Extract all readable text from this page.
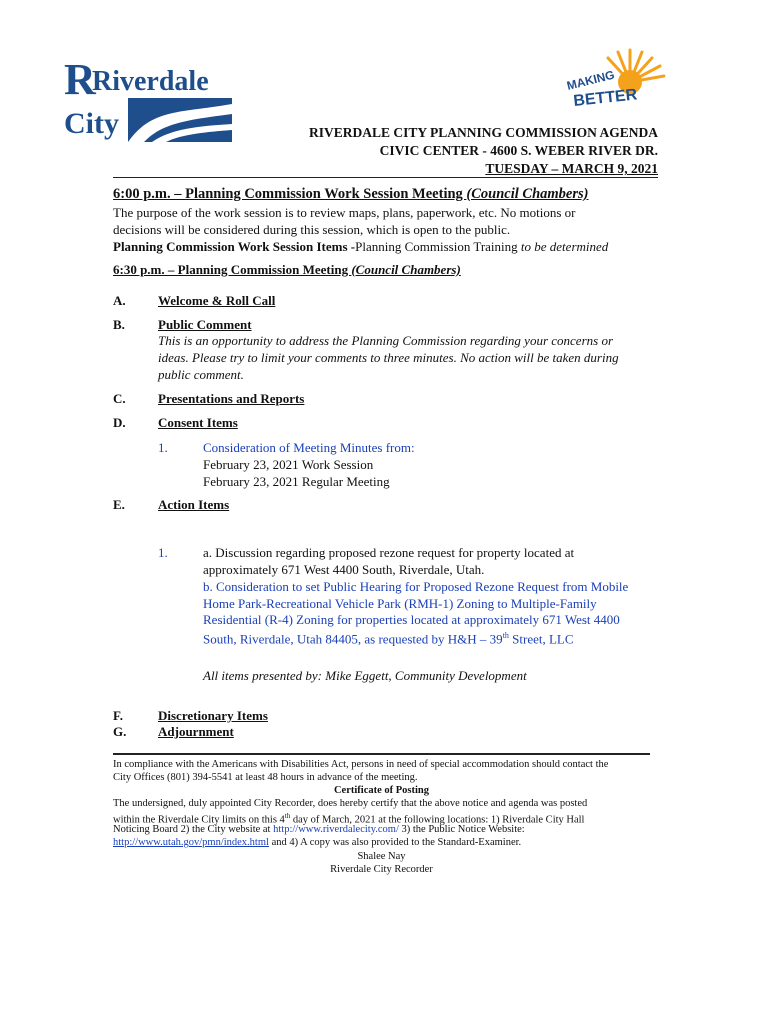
R
Riverdale
City
MAKING Life
BETTER
RIVERDALE CITY PLANNING COMMISSION AGENDA
CIVIC CENTER - 4600 S. WEBER RIVER DR.
TUESDAY – MARCH 9, 2021
6:00 p.m. – Planning Commission Work Session Meeting (Council Chambers)
The purpose of the work session is to review maps, plans, paperwork, etc. No motions or
decisions will be considered during this session, which is open to the public.
Planning Commission Work Session Items -Planning Commission Training to be determined
6:30 p.m. – Planning Commission Meeting (Council Chambers)
A. Welcome & Roll Call
B.	Public Comment
This is an opportunity to address the Planning Commission regarding your concerns or
ideas. Please try to limit your comments to three minutes. No action will be taken during
public comment.
C. Presentations and Reports
D. Consent Items
1.	Consideration of Meeting Minutes from:
February 23, 2021 Work Session
February 23, 2021 Regular Meeting
E.	Action Items
1.	a. Discussion regarding proposed rezone request for property located at
approximately 671 West 4400 South, Riverdale, Utah.
b. Consideration to set Public Hearing for Proposed Rezone Request from Mobile
Home Park-Recreational Vehicle Park (RMH-1) Zoning to Multiple-Family
Residential (R-4) Zoning for properties located at approximately 671 West 4400
South, Riverdale, Utah 84405, as requested by H&H – 39th Street, LLC
All items presented by: Mike Eggett, Community Development
F.	Discretionary Items
G. Adjournment
In compliance with the Americans with Disabilities Act, persons in need of special accommodation should contact the
City Offices (801) 394-5541 at least 48 hours in advance of the meeting.
Certificate of Posting
The undersigned, duly appointed City Recorder, does hereby certify that the above notice and agenda was posted
within the Riverdale City limits on this 4th day of March, 2021 at the following locations: 1) Riverdale City Hall
Noticing Board 2) the City website at http://www.riverdalecity.com/ 3) the Public Notice Website:
http://www.utah.gov/pmn/index.html and 4) A copy was also provided to the Standard-Examiner.
Shalee Nay
Riverdale City Recorder
